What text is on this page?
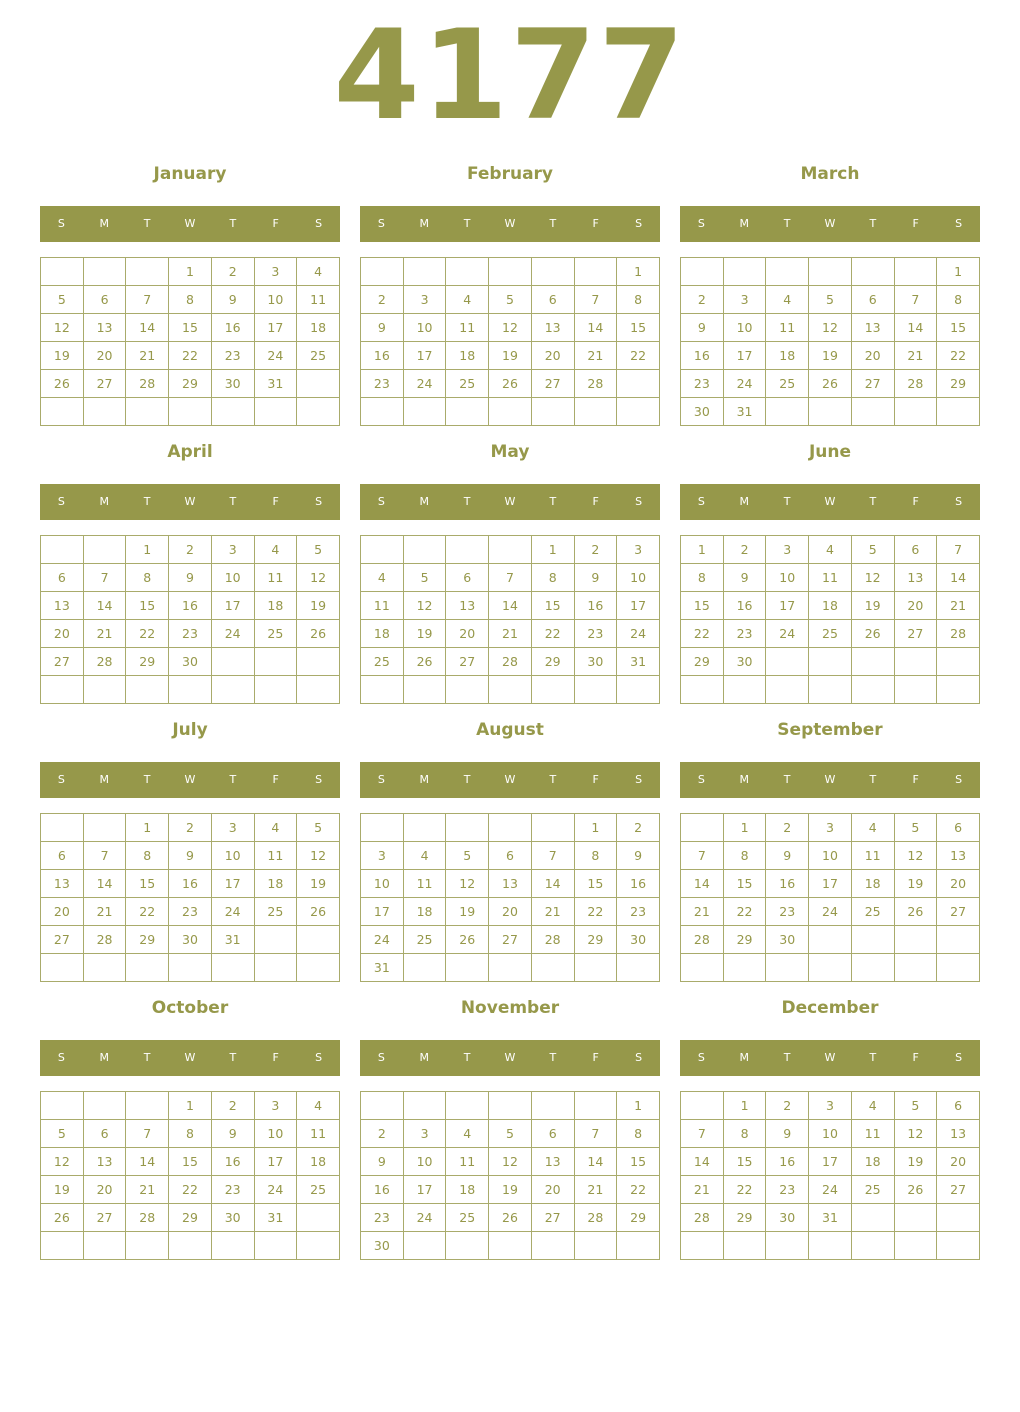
4177
January
S	M	T	W	T	F	S
			1	2	3	4
5	6	7	8	9	10	11
12	13	14	15	16	17	18
19	20	21	22	23	24	25
26	27	28	29	30	31	

February
S	M	T	W	T	F	S
						1
2	3	4	5	6	7	8
9	10	11	12	13	14	15
16	17	18	19	20	21	22
23	24	25	26	27	28	

March
S	M	T	W	T	F	S
						1
2	3	4	5	6	7	8
9	10	11	12	13	14	15
16	17	18	19	20	21	22
23	24	25	26	27	28	29
30	31					
April
S	M	T	W	T	F	S
		1	2	3	4	5
6	7	8	9	10	11	12
13	14	15	16	17	18	19
20	21	22	23	24	25	26
27	28	29	30			

May
S	M	T	W	T	F	S
				1	2	3
4	5	6	7	8	9	10
11	12	13	14	15	16	17
18	19	20	21	22	23	24
25	26	27	28	29	30	31

June
S	M	T	W	T	F	S
1	2	3	4	5	6	7
8	9	10	11	12	13	14
15	16	17	18	19	20	21
22	23	24	25	26	27	28
29	30					

July
S	M	T	W	T	F	S
		1	2	3	4	5
6	7	8	9	10	11	12
13	14	15	16	17	18	19
20	21	22	23	24	25	26
27	28	29	30	31		

August
S	M	T	W	T	F	S
					1	2
3	4	5	6	7	8	9
10	11	12	13	14	15	16
17	18	19	20	21	22	23
24	25	26	27	28	29	30
31						
September
S	M	T	W	T	F	S
	1	2	3	4	5	6
7	8	9	10	11	12	13
14	15	16	17	18	19	20
21	22	23	24	25	26	27
28	29	30				

October
S	M	T	W	T	F	S
			1	2	3	4
5	6	7	8	9	10	11
12	13	14	15	16	17	18
19	20	21	22	23	24	25
26	27	28	29	30	31	

November
S	M	T	W	T	F	S
						1
2	3	4	5	6	7	8
9	10	11	12	13	14	15
16	17	18	19	20	21	22
23	24	25	26	27	28	29
30						
December
S	M	T	W	T	F	S
	1	2	3	4	5	6
7	8	9	10	11	12	13
14	15	16	17	18	19	20
21	22	23	24	25	26	27
28	29	30	31			
